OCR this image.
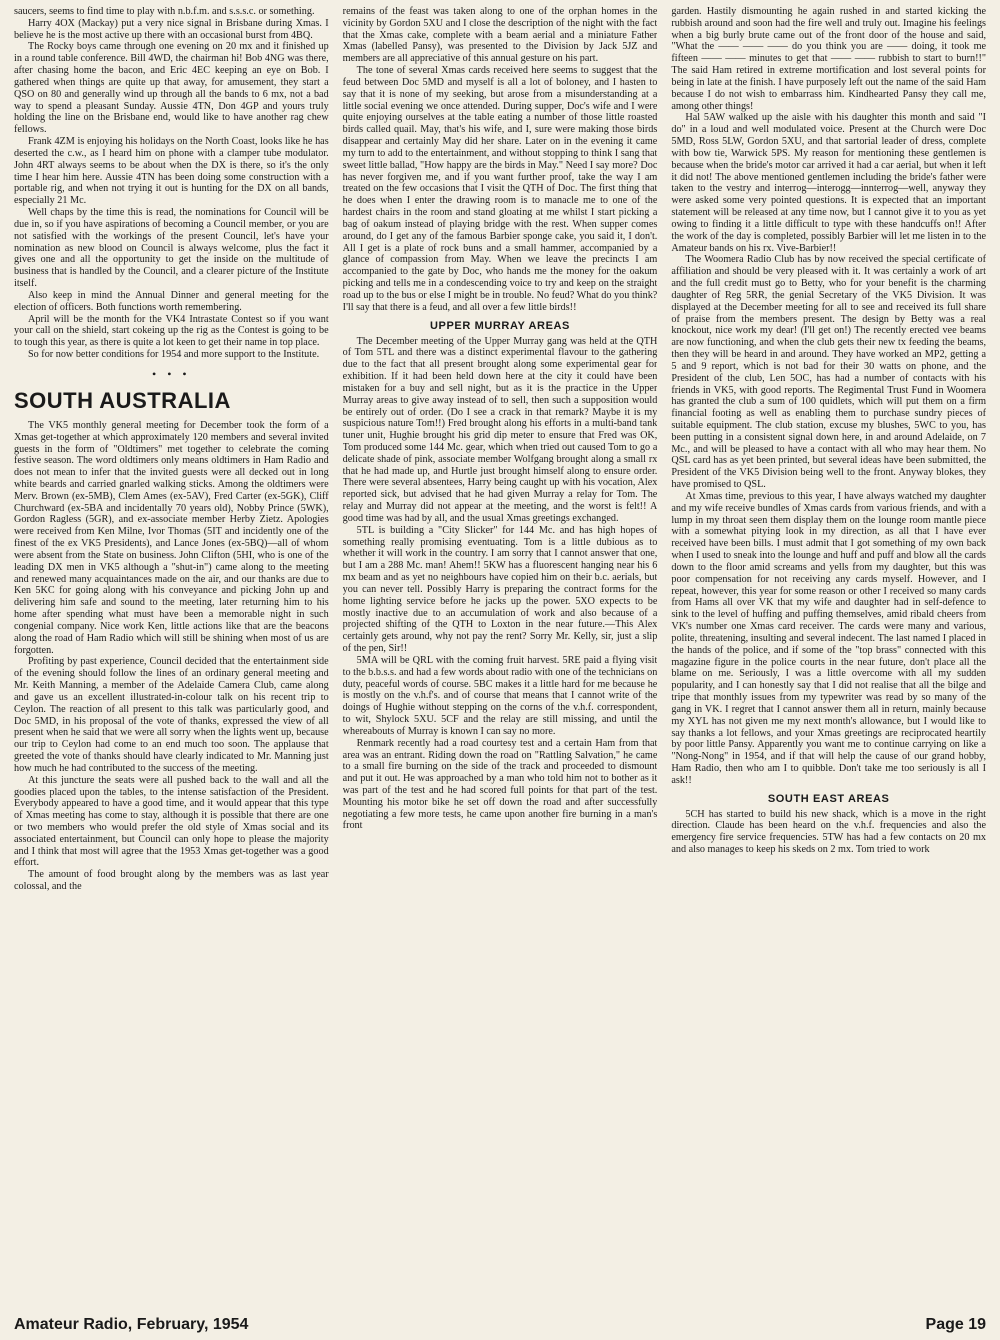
saucers, seems to find time to play with n.b.f.m. and s.s.s.c. or something.

Harry 4OX (Mackay) put a very nice signal in Brisbane during Xmas. I believe he is the most active up there with an occasional burst from 4BQ.

The Rocky boys came through one evening on 20 mx and it finished up in a round table conference. Bill 4WD, the chairman hi! Bob 4NG was there, after chasing home the bacon, and Eric 4EC keeping an eye on Bob. I gathered when things are quite up that away, for amusement, they start a QSO on 80 and generally wind up through all the bands to 6 mx, not a bad way to spend a pleasant Sunday. Aussie 4TN, Don 4GP and yours truly holding the line on the Brisbane end, would like to have another rag chew fellows.

Frank 4ZM is enjoying his holidays on the North Coast, looks like he has deserted the c.w., as I heard him on phone with a clamper tube modulator. John 4RT always seems to be about when the DX is there, so it's the only time I hear him here. Aussie 4TN has been doing some construction with a portable rig, and when not trying it out is hunting for the DX on all bands, especially 21 Mc.

Well chaps by the time this is read, the nominations for Council will be due in, so if you have aspirations of becoming a Council member, or you are not satisfied with the workings of the present Council, let's have your nomination as new blood on Council is always welcome, plus the fact it gives one and all the opportunity to get the inside on the multitude of business that is handled by the Council, and a clearer picture of the Institute itself.

Also keep in mind the Annual Dinner and general meeting for the election of officers. Both functions worth remembering.

April will be the month for the VK4 Intrastate Contest so if you want your call on the shield, start cokeing up the rig as the Contest is going to be to tough this year, as there is quite a lot keen to get their name in top place.

So for now better conditions for 1954 and more support to the Institute.

• • •
SOUTH AUSTRALIA

The VK5 monthly general meeting for December took the form of a Xmas get-together at which approximately 120 members and several invited guests in the form of "Oldtimers" met together to celebrate the coming festive season. The word oldtimers only means oldtimers in Ham Radio and does not mean to infer that the invited guests were all decked out in long white beards and carried gnarled walking sticks. Among the oldtimers were Merv. Brown (ex-5MB), Clem Ames (ex-5AV), Fred Carter (ex-5GK), Cliff Churchward (ex-5BA and incidentally 70 years old), Nobby Prince (5WK), Gordon Ragless (5GR), and ex-associate member Herby Zietz. Apologies were received from Ken Milne, Ivor Thomas (5IT and incidently one of the finest of the ex VK5 Presidents), and Lance Jones (ex-5BQ)—all of whom were absent from the State on business. John Clifton (5HI, who is one of the leading DX men in VK5 although a "shut-in") came along to the meeting and renewed many acquaintances made on the air, and our thanks are due to Ken 5KC for going along with his conveyance and picking John up and delivering him safe and sound to the meeting, later returning him to his home after spending what must have been a memorable night in such congenial company. Nice work Ken, little actions like that are the beacons along the road of Ham Radio which will still be shining when most of us are forgotten.

Profiting by past experience, Council decided that the entertainment side of the evening should follow the lines of an ordinary general meeting and Mr. Keith Manning, a member of the Adelaide Camera Club, came along and gave us an excellent illustrated-in-colour talk on his recent trip to Ceylon. The reaction of all present to this talk was particularly good, and Doc 5MD, in his proposal of the vote of thanks, expressed the view of all present when he said that we were all sorry when the lights went up, because our trip to Ceylon had come to an end much too soon. The applause that greeted the vote of thanks should have clearly indicated to Mr. Manning just how much he had contributed to the success of the meeting.

At this juncture the seats were all pushed back to the wall and all the goodies placed upon the tables, to the intense satisfaction of the President. Everybody appeared to have a good time, and it would appear that this type of Xmas meeting has come to stay, although it is possible that there are one or two members who would prefer the old style of Xmas social and its associated entertainment, but Council can only hope to please the majority and I think that most will agree that the 1953 Xmas get-together was a good effort.

The amount of food brought along by the members was as last year colossal, and the

remains of the feast was taken along to one of the orphan homes in the vicinity by Gordon 5XU and I close the description of the night with the fact that the Xmas cake, complete with a beam aerial and a miniature Father Xmas (labelled Pansy), was presented to the Division by Jack 5JZ and members are all appreciative of this annual gesture on his part.

The tone of several Xmas cards received here seems to suggest that the feud between Doc 5MD and myself is all a lot of boloney, and I hasten to say that it is none of my seeking, but arose from a misunderstanding at a little social evening we once attended. During supper, Doc's wife and I were quite enjoying ourselves at the table eating a number of those little roasted birds called quail. May, that's his wife, and I, sure were making those birds disappear and certainly May did her share. Later on in the evening it came my turn to add to the entertainment, and without stopping to think I sang that sweet little ballad, "How happy are the birds in May." Need I say more? Doc has never forgiven me, and if you want further proof, take the way I am treated on the few occasions that I visit the QTH of Doc. The first thing that he does when I enter the drawing room is to manacle me to one of the hardest chairs in the room and stand gloating at me whilst I start picking a bag of oakum instead of playing bridge with the rest. When supper comes around, do I get any of the famous Barbier sponge cake, you said it, I don't. All I get is a plate of rock buns and a small hammer, accompanied by a glance of compassion from May. When we leave the precincts I am accompanied to the gate by Doc, who hands me the money for the oakum picking and tells me in a condescending voice to try and keep on the straight road up to the bus or else I might be in trouble. No feud? What do you think? I'll say that there is a feud, and all over a few little birds!!

UPPER MURRAY AREAS

The December meeting of the Upper Murray gang was held at the QTH of Tom 5TL and there was a distinct experimental flavour to the gathering due to the fact that all present brought along some experimental gear for exhibition. If it had been held down here at the city it could have been mistaken for a buy and sell night, but as it is the practice in the Upper Murray areas to give away instead of to sell, then such a supposition would be entirely out of order. (Do I see a crack in that remark? Maybe it is my suspicious nature Tom!!) Fred brought along his efforts in a multi-band tank tuner unit, Hughie brought his grid dip meter to ensure that Fred was OK, Tom produced some 144 Mc. gear, which when tried out caused Tom to go a delicate shade of pink, associate member Wolfgang brought along a small rx that he had made up, and Hurtle just brought himself along to ensure order. There were several absentees, Harry being caught up with his vocation, Alex reported sick, but advised that he had given Murray a relay for Tom. The relay and Murray did not appear at the meeting, and the worst is felt!! A good time was had by all, and the usual Xmas greetings exchanged.

5TL is building a "City Slicker" for 144 Mc. and has high hopes of something really promising eventuating. Tom is a little dubious as to whether it will work in the country. I am sorry that I cannot answer that one, but I am a 288 Mc. man! Ahem!! 5KW has a fluorescent hanging near his 6 mx beam and as yet no neighbours have copied him on their b.c. aerials, but you can never tell. Possibly Harry is preparing the contract forms for the home lighting service before he jacks up the power. 5XO expects to be mostly inactive due to an accumulation of work and also because of a projected shifting of the QTH to Loxton in the near future.—This Alex certainly gets around, why not pay the rent? Sorry Mr. Kelly, sir, just a slip of the pen, Sir!!

5MA will be QRL with the coming fruit harvest. 5RE paid a flying visit to the b.b.s.s. and had a few words about radio with one of the technicians on duty, peaceful words of course. 5BC makes it a little hard for me because he is mostly on the v.h.f's. and of course that means that I cannot write of the doings of Hughie without stepping on the corns of the v.h.f. correspondent, to wit, Shylock 5XU. 5CF and the relay are still missing, and until the whereabouts of Murray is known I can say no more.

Renmark recently had a road courtesy test and a certain Ham from that area was an entrant. Riding down the road on "Rattling Salvation," he came to a small fire burning on the side of the track and proceeded to dismount and put it out. He was approached by a man who told him not to bother as it was part of the test and he had scored full points for that part of the test. Mounting his motor bike he set off down the road and after successfully negotiating a few more tests, he came upon another fire burning in a man's front

garden. Hastily dismounting he again rushed in and started kicking the rubbish around and soon had the fire well and truly out. Imagine his feelings when a big burly brute came out of the front door of the house and said, "What the —— —— —— do you think you are —— doing, it took me fifteen —— —— minutes to get that —— —— rubbish to start to burn!!" The said Ham retired in extreme mortification and lost several points for being in late at the finish. I have purposely left out the name of the said Ham because I do not wish to embarrass him. Kindhearted Pansy they call me, among other things!

Hal 5AW walked up the aisle with his daughter this month and said "I do" in a loud and well modulated voice. Present at the Church were Doc 5MD, Ross 5LW, Gordon 5XU, and that sartorial leader of dress, complete with bow tie, Warwick 5PS. My reason for mentioning these gentlemen is because when the bride's motor car arrived it had a car aerial, but when it left it did not! The above mentioned gentlemen including the bride's father were taken to the vestry and interrog—interogg—innterrog—well, anyway they were asked some very pointed questions. It is expected that an important statement will be released at any time now, but I cannot give it to you as yet owing to finding it a little difficult to type with these handcuffs on!! After the work of the day is completed, possibly Barbier will let me listen in to the Amateur bands on his rx. Vive-Barbier!!

The Woomera Radio Club has by now received the special certificate of affiliation and should be very pleased with it. It was certainly a work of art and the full credit must go to Betty, who for your benefit is the charming daughter of Reg 5RR, the genial Secretary of the VK5 Division. It was displayed at the December meeting for all to see and received its full share of praise from the members present. The design by Betty was a real knockout, nice work my dear! (I'll get on!) The recently erected vee beams are now functioning, and when the club gets their new tx feeding the beams, then they will be heard in and around. They have worked an MP2, getting a 5 and 9 report, which is not bad for their 30 watts on phone, and the President of the club, Len 5OC, has had a number of contacts with his friends in VK5, with good reports. The Regimental Trust Fund in Woomera has granted the club a sum of 100 quidlets, which will put them on a firm financial footing as well as enabling them to purchase sundry pieces of suitable equipment. The club station, excuse my blushes, 5WC to you, has been putting in a consistent signal down here, in and around Adelaide, on 7 Mc., and will be pleased to have a contact with all who may hear them. No QSL card has as yet been printed, but several ideas have been submitted, the President of the VK5 Division being well to the front. Anyway blokes, they have promised to QSL.

At Xmas time, previous to this year, I have always watched my daughter and my wife receive bundles of Xmas cards from various friends, and with a lump in my throat seen them display them on the lounge room mantle piece with a somewhat pitying look in my direction, as all that I have ever received have been bills. I must admit that I got something of my own back when I used to sneak into the lounge and huff and puff and blow all the cards down to the floor amid screams and yells from my daughter, but this was poor compensation for not receiving any cards myself. However, and I repeat, however, this year for some reason or other I received so many cards from Hams all over VK that my wife and daughter had in self-defence to sink to the level of huffing and puffing themselves, amid ribald cheers from VK's number one Xmas card receiver. The cards were many and various, polite, threatening, insulting and several indecent. The last named I placed in the hands of the police, and if some of the "top brass" connected with this magazine figure in the police courts in the near future, don't place all the blame on me. Seriously, I was a little overcome with all my sudden popularity, and I can honestly say that I did not realise that all the bilge and tripe that monthly issues from my typewriter was read by so many of the gang in VK. I regret that I cannot answer them all in return, mainly because my XYL has not given me my next month's allowance, but I would like to say thanks a lot fellows, and your Xmas greetings are reciprocated heartily by poor little Pansy. Apparently you want me to continue carrying on like a "Nong-Nong" in 1954, and if that will help the cause of our grand hobby, Ham Radio, then who am I to quibble. Don't take me too seriously is all I ask!!

SOUTH EAST AREAS

5CH has started to build his new shack, which is a move in the right direction. Claude has been heard on the v.h.f. frequencies and also the emergency fire service frequencies. 5TW has had a few contacts on 20 mx and also manages to keep his skeds on 2 mx. Tom tried to work

Amateur Radio, February, 1954	Page 19
